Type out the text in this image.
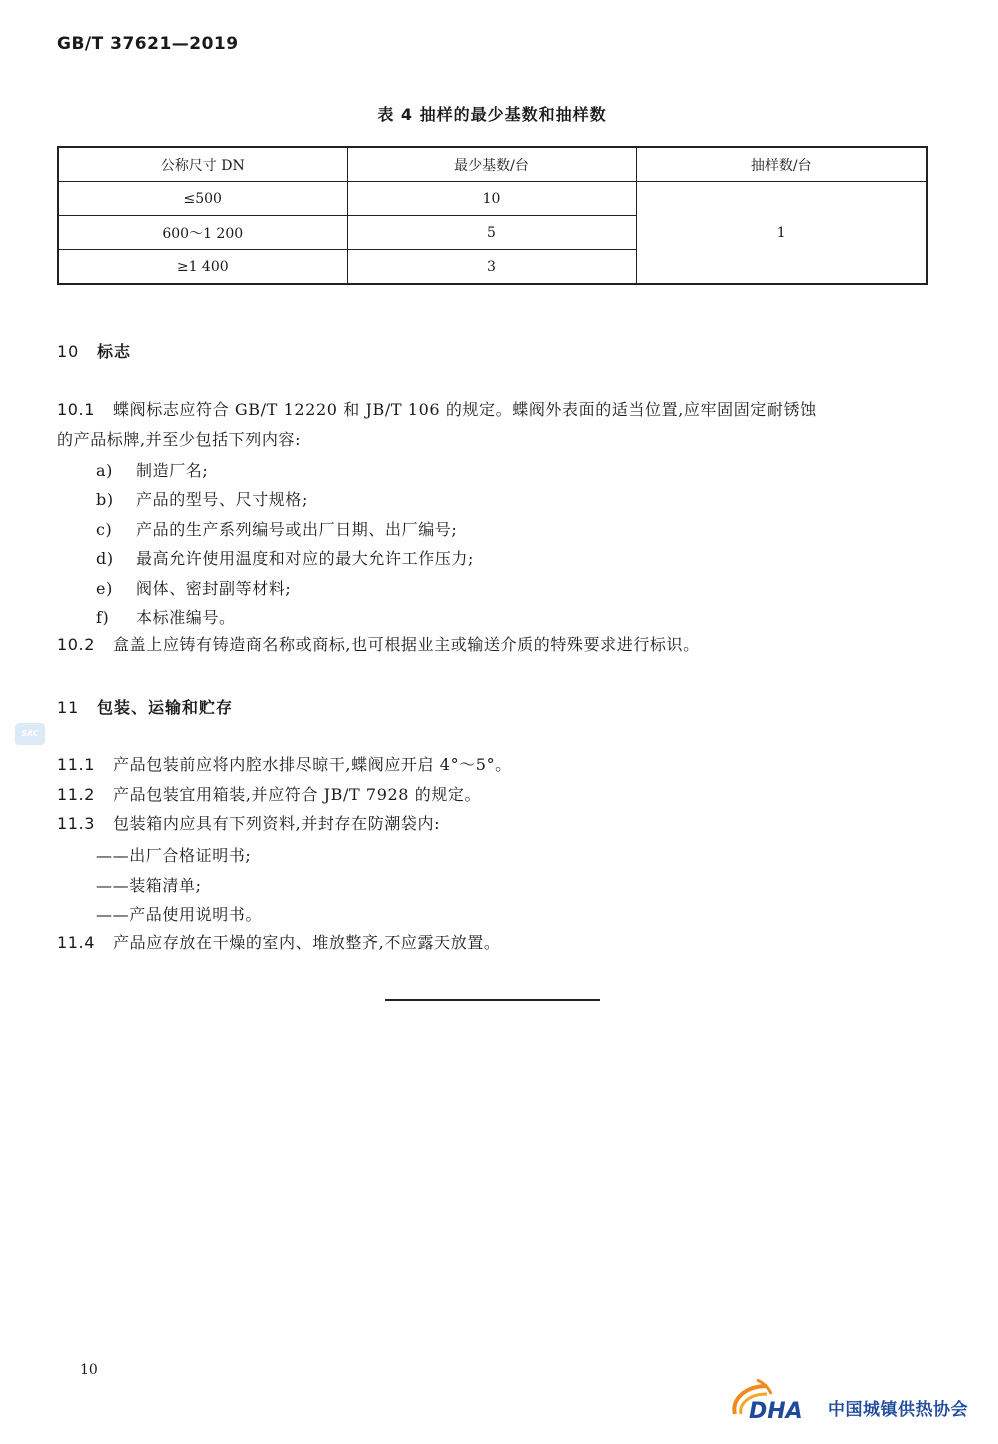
GB/T 37621—2019
表 4 抽样的最少基数和抽样数
公称尺寸 DN	最少基数/台	抽样数/台
≤500	10	1
600～1 200	5	
≥1 400	3	
10 标志
10.1 蝶阀标志应符合 GB/T 12220 和 JB/T 106 的规定。蝶阀外表面的适当位置,应牢固固定耐锈蚀
的产品标牌,并至少包括下列内容:
a) 制造厂名;
b) 产品的型号、尺寸规格;
c) 产品的生产系列编号或出厂日期、出厂编号;
d) 最高允许使用温度和对应的最大允许工作压力;
e) 阀体、密封副等材料;
f) 本标准编号。
10.2 盒盖上应铸有铸造商名称或商标,也可根据业主或输送介质的特殊要求进行标识。
11 包装、运输和贮存
11.1 产品包装前应将内腔水排尽晾干,蝶阀应开启 4°～5°。
11.2 产品包装宜用箱装,并应符合 JB/T 7928 的规定。
11.3 包装箱内应具有下列资料,并封存在防潮袋内:
——出厂合格证明书;
——装箱清单;
——产品使用说明书。
11.4 产品应存放在干燥的室内、堆放整齐,不应露天放置。
SAC
10
DHA 中国城镇供热协会
